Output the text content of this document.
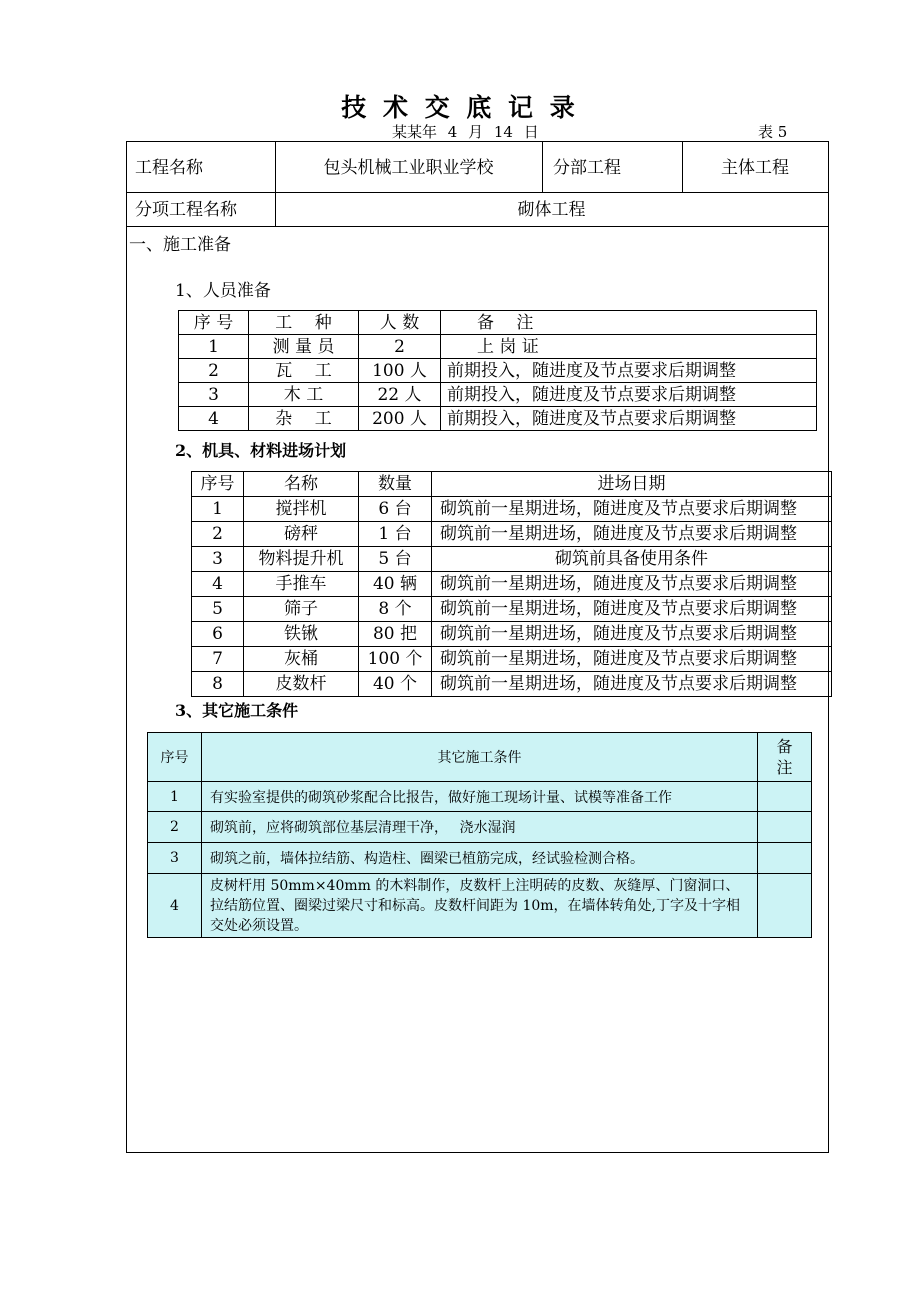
技 术 交 底 记 录
某某年 4 月 14 日	表 5
工程名称	包头机械工业职业学校	分部工程	主体工程
分项工程名称	砌体工程
一、施工准备
1、人员准备
序 号	工　 种	人 数	备　 注
1	测 量 员	2	上 岗 证
2	瓦　 工	100 人	前期投入，随进度及节点要求后期调整
3	木 工	22 人	前期投入，随进度及节点要求后期调整
4	杂　 工	200 人	前期投入，随进度及节点要求后期调整
2、机具、材料进场计划
序号	名称	数量	进场日期
1	搅拌机	6 台	砌筑前一星期进场，随进度及节点要求后期调整
2	磅秤	1 台	砌筑前一星期进场，随进度及节点要求后期调整
3	物料提升机	5 台	砌筑前具备使用条件
4	手推车	40 辆	砌筑前一星期进场，随进度及节点要求后期调整
5	筛子	8 个	砌筑前一星期进场，随进度及节点要求后期调整
6	铁锹	80 把	砌筑前一星期进场，随进度及节点要求后期调整
7	灰桶	100 个	砌筑前一星期进场，随进度及节点要求后期调整
8	皮数杆	40 个	砌筑前一星期进场，随进度及节点要求后期调整
3、其它施工条件
序号	其它施工条件	备注
1	有实验室提供的砌筑砂浆配合比报告，做好施工现场计量、试模等准备工作	
2	砌筑前，应将砌筑部位基层清理干净，　 浇水湿润	
3	砌筑之前，墙体拉结筋、构造柱、圈梁已植筋完成，经试验检测合格。	
4	皮树杆用 50mm×40mm 的木料制作，皮数杆上注明砖的皮数、灰缝厚、门窗洞口、拉结筋位置、圈梁过梁尺寸和标高。皮数杆间距为 10m，在墙体转角处,丁字及十字相交处必须设置。	
